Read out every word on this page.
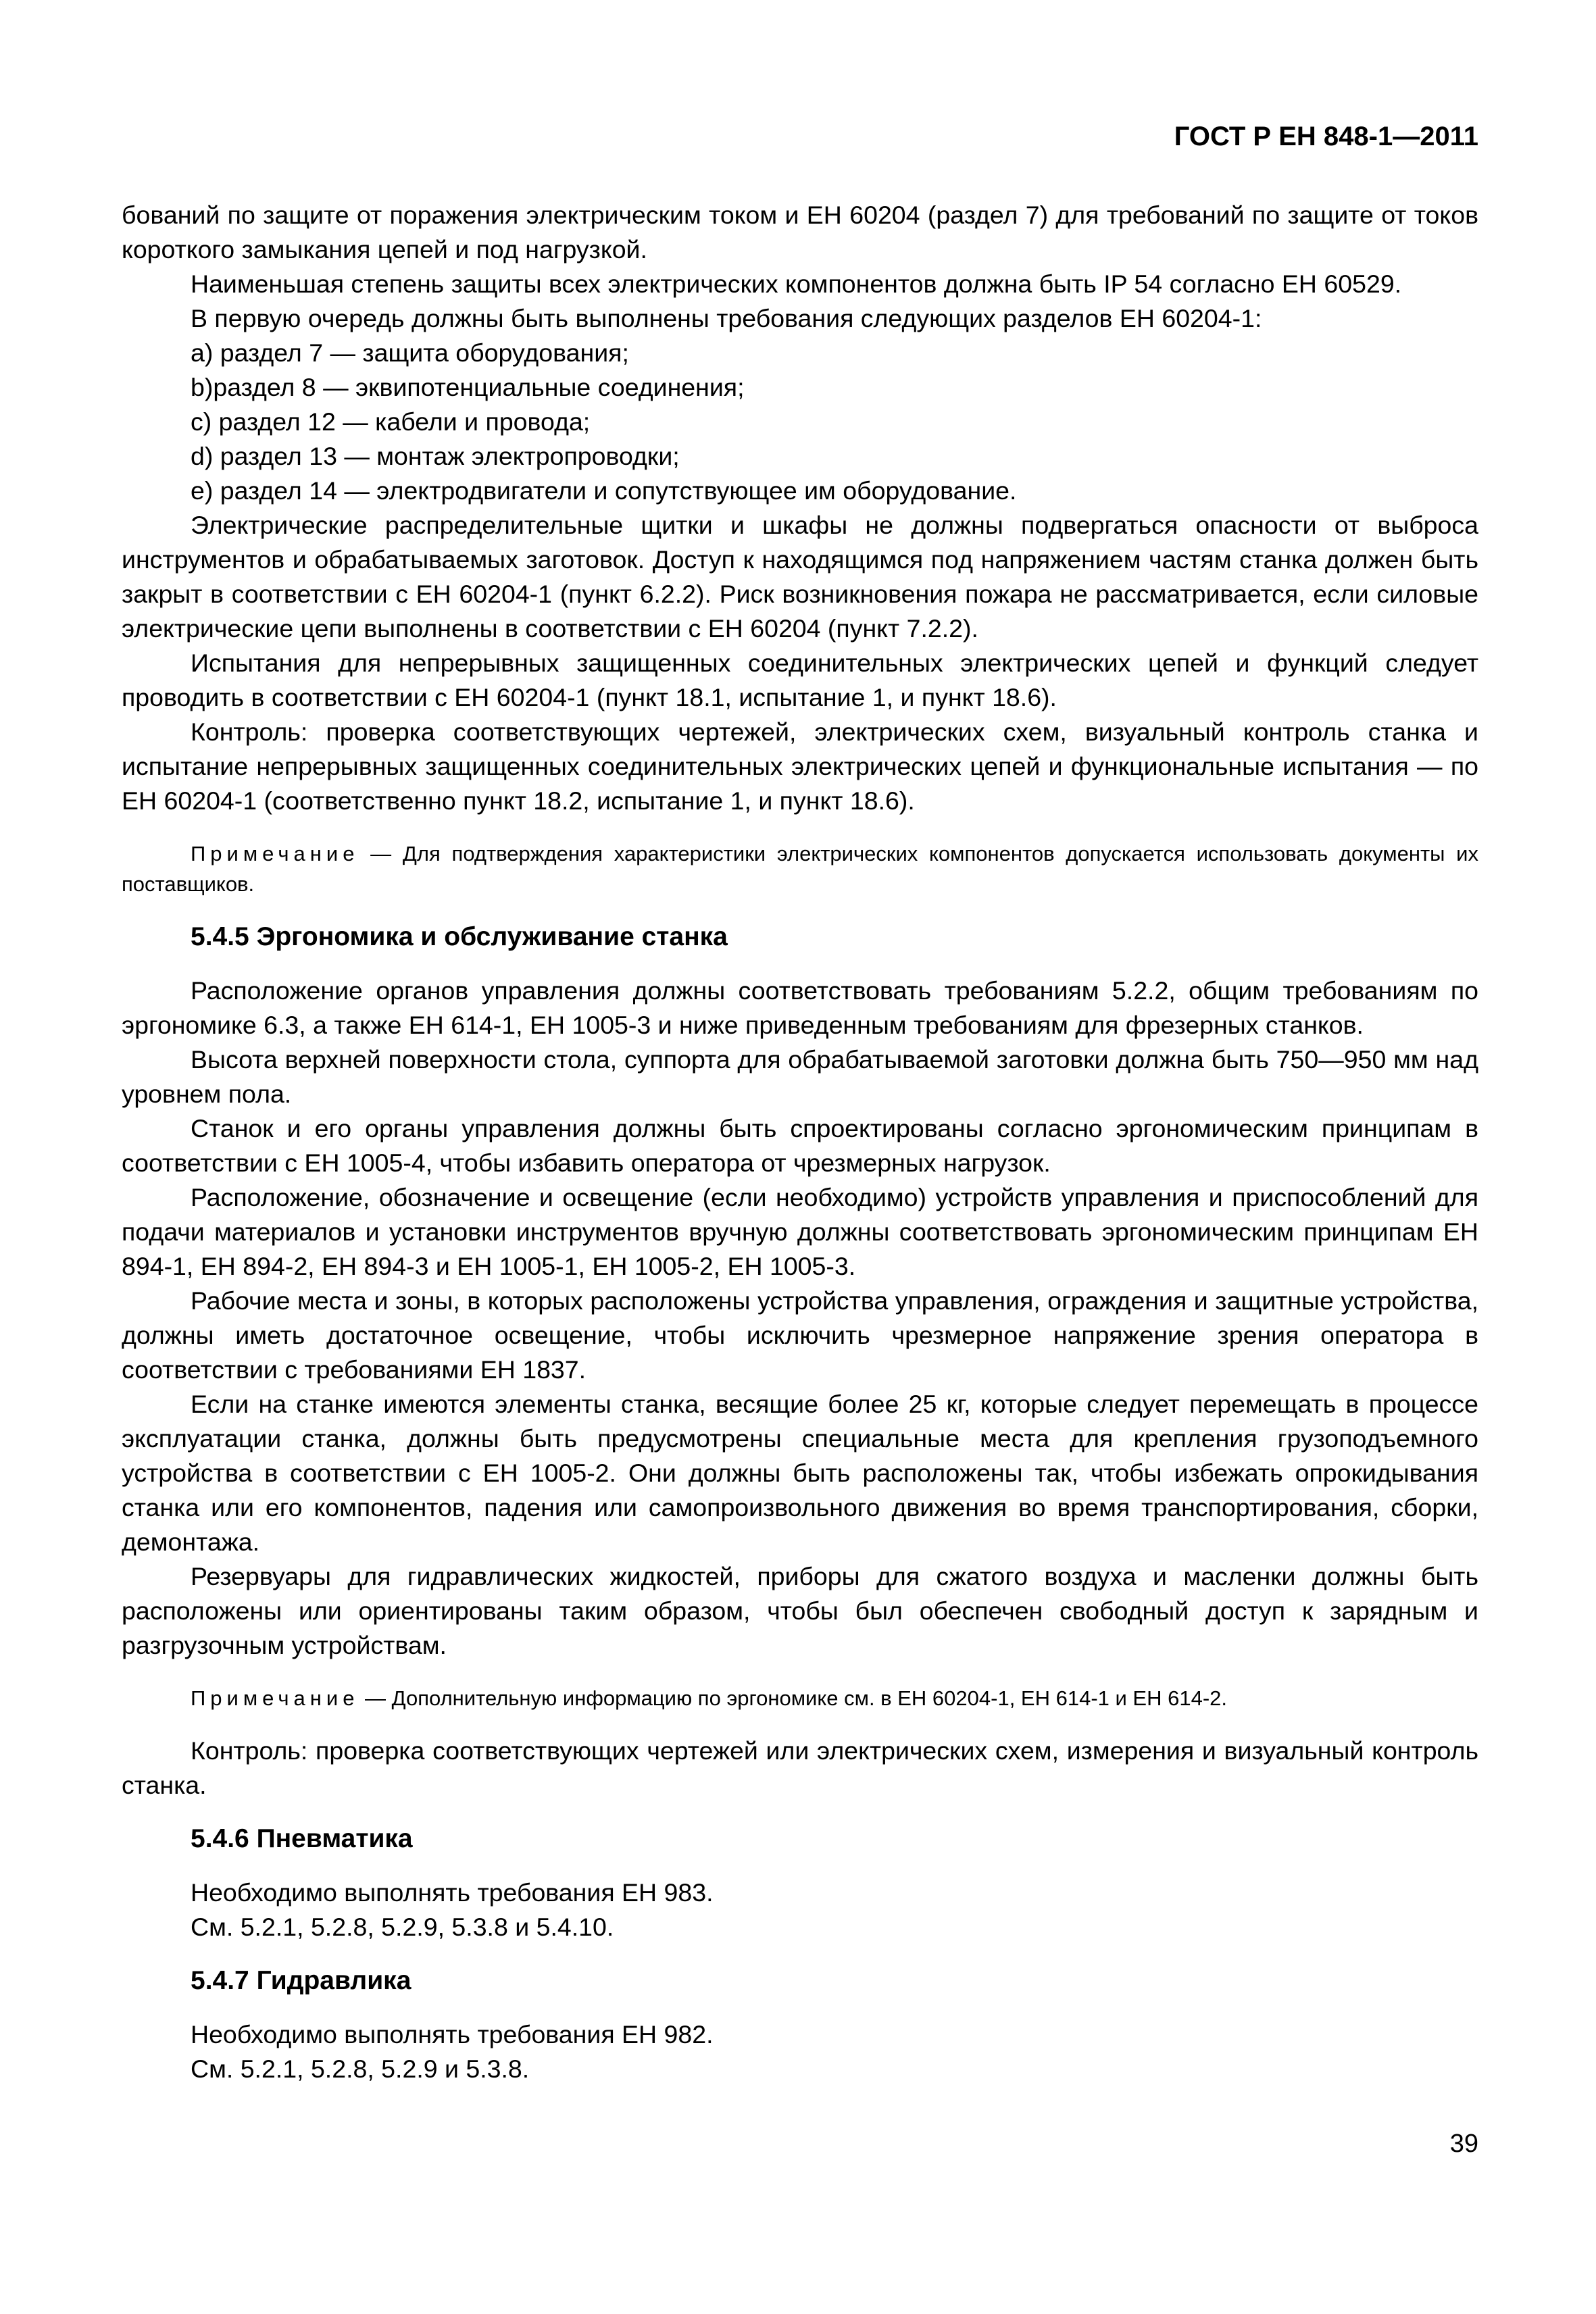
ГОСТ Р ЕН 848-1—2011

бований по защите от поражения электрическим током и ЕН 60204 (раздел 7) для требований по защите от токов короткого замыкания цепей и под нагрузкой.

Наименьшая степень защиты всех электрических компонентов должна быть IP 54 согласно ЕН 60529.

В первую очередь должны быть выполнены требования следующих разделов ЕН 60204-1:

a) раздел 7 — защита оборудования;

b)раздел 8 — эквипотенциальные соединения;

c) раздел 12 — кабели и провода;

d) раздел 13 — монтаж электропроводки;

e) раздел 14 — электродвигатели и сопутствующее им оборудование.

Электрические распределительные щитки и шкафы не должны подвергаться опасности от выброса инструментов и обрабатываемых заготовок. Доступ к находящимся под напряжением частям станка должен быть закрыт в соответствии с ЕН 60204-1 (пункт 6.2.2). Риск возникновения пожара не рассматривается, если силовые электрические цепи выполнены в соответствии с ЕН 60204 (пункт 7.2.2).

Испытания для непрерывных защищенных соединительных электрических цепей и функций следует проводить в соответствии с ЕН 60204-1 (пункт 18.1, испытание 1, и пункт 18.6).

Контроль: проверка соответствующих чертежей, электрических схем, визуальный контроль станка и испытание непрерывных защищенных соединительных электрических цепей и функциональные испытания — по ЕН 60204-1 (соответственно пункт 18.2, испытание 1, и пункт 18.6).

Примечание — Для подтверждения характеристики электрических компонентов допускается использовать документы их поставщиков.

5.4.5 Эргономика и обслуживание станка

Расположение органов управления должны соответствовать требованиям 5.2.2, общим требованиям по эргономике 6.3, а также ЕН 614-1, ЕН 1005-3 и ниже приведенным требованиям для фрезерных станков.

Высота верхней поверхности стола, суппорта для обрабатываемой заготовки должна быть 750—950 мм над уровнем пола.

Станок и его органы управления должны быть спроектированы согласно эргономическим принципам в соответствии с ЕН 1005-4, чтобы избавить оператора от чрезмерных нагрузок.

Расположение, обозначение и освещение (если необходимо) устройств управления и приспособлений для подачи материалов и установки инструментов вручную должны соответствовать эргономическим принципам ЕН 894-1, ЕН 894-2, ЕН 894-3 и ЕН 1005-1, ЕН 1005-2, ЕН 1005-3.

Рабочие места и зоны, в которых расположены устройства управления, ограждения и защитные устройства, должны иметь достаточное освещение, чтобы исключить чрезмерное напряжение зрения оператора в соответствии с требованиями ЕН 1837.

Если на станке имеются элементы станка, весящие более 25 кг, которые следует перемещать в процессе эксплуатации станка, должны быть предусмотрены специальные места для крепления грузоподъемного устройства в соответствии с ЕН 1005-2. Они должны быть расположены так, чтобы избежать опрокидывания станка или его компонентов, падения или самопроизвольного движения во время транспортирования, сборки, демонтажа.

Резервуары для гидравлических жидкостей, приборы для сжатого воздуха и масленки должны быть расположены или ориентированы таким образом, чтобы был обеспечен свободный доступ к зарядным и разгрузочным устройствам.

Примечание — Дополнительную информацию по эргономике см. в ЕН 60204-1, ЕН 614-1 и ЕН 614-2.

Контроль: проверка соответствующих чертежей или электрических схем, измерения и визуальный контроль станка.

5.4.6 Пневматика

Необходимо выполнять требования ЕН 983.

См. 5.2.1, 5.2.8, 5.2.9, 5.3.8 и 5.4.10.

5.4.7 Гидравлика

Необходимо выполнять требования ЕН 982.

См. 5.2.1, 5.2.8, 5.2.9 и 5.3.8.

39
